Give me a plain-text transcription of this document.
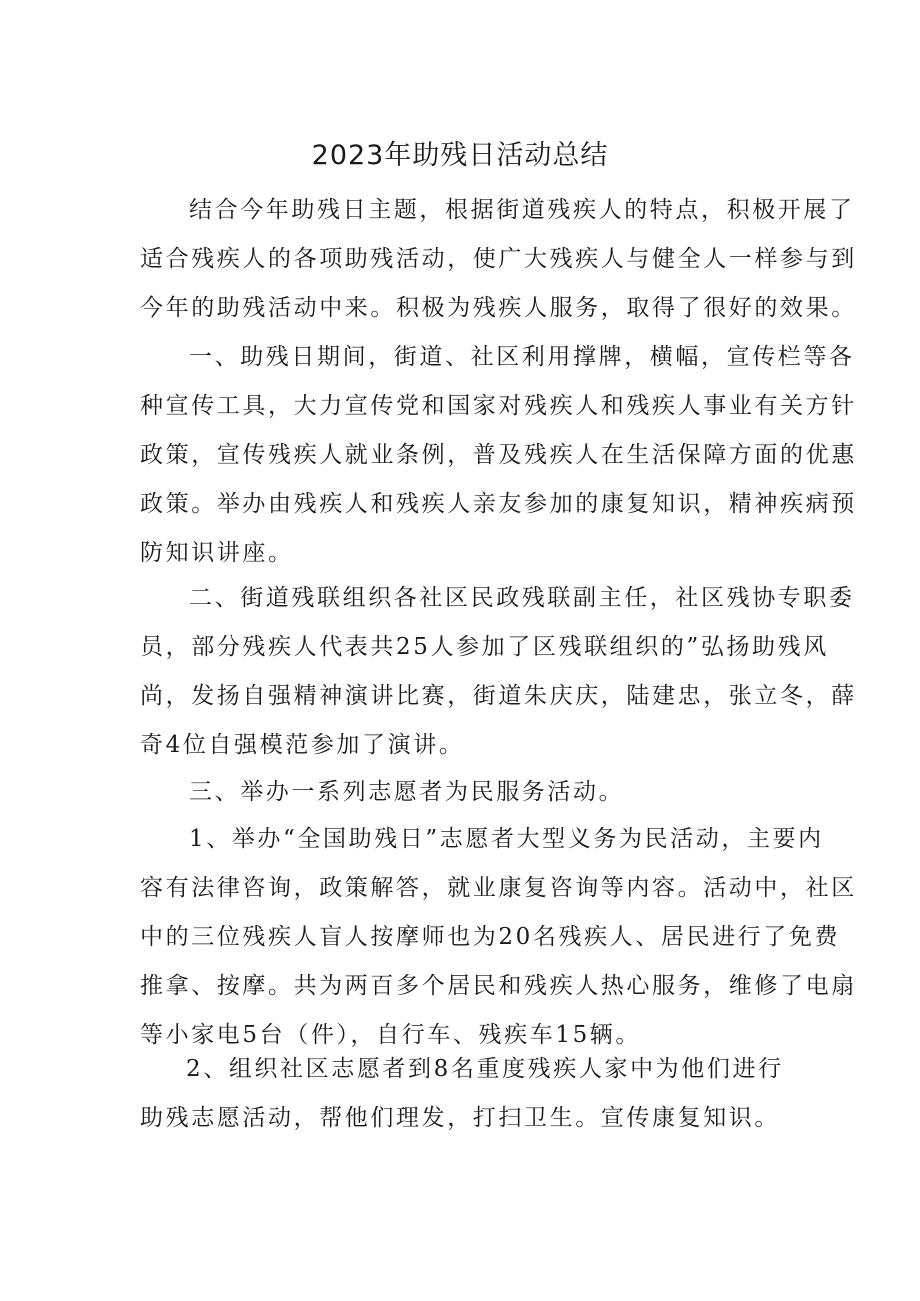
2023年助残日活动总结
结合今年助残日主题，根据街道残疾人的特点，积极开展了
适合残疾人的各项助残活动，使广大残疾人与健全人一样参与到
今年的助残活动中来。积极为残疾人服务，取得了很好的效果。
一、助残日期间，街道、社区利用撑牌，横幅，宣传栏等各
种宣传工具，大力宣传党和国家对残疾人和残疾人事业有关方针
政策，宣传残疾人就业条例，普及残疾人在生活保障方面的优惠
政策。举办由残疾人和残疾人亲友参加的康复知识，精神疾病预
防知识讲座。
二、街道残联组织各社区民政残联副主任，社区残协专职委
员，部分残疾人代表共25人参加了区残联组织的”弘扬助残风
尚，发扬自强精神演讲比赛，街道朱庆庆，陆建忠，张立冬，薛
奇4位自强模范参加了演讲。
三、举办一系列志愿者为民服务活动。
1、举办“全国助残日”志愿者大型义务为民活动，主要内
容有法律咨询，政策解答，就业康复咨询等内容。活动中，社区
中的三位残疾人盲人按摩师也为20名残疾人、居民进行了免费
推拿、按摩。共为两百多个居民和残疾人热心服务，维修了电扇
等小家电5台（件），自行车、残疾车15辆。
2、组织社区志愿者到8名重度残疾人家中为他们进行
助残志愿活动，帮他们理发，打扫卫生。宣传康复知识。
